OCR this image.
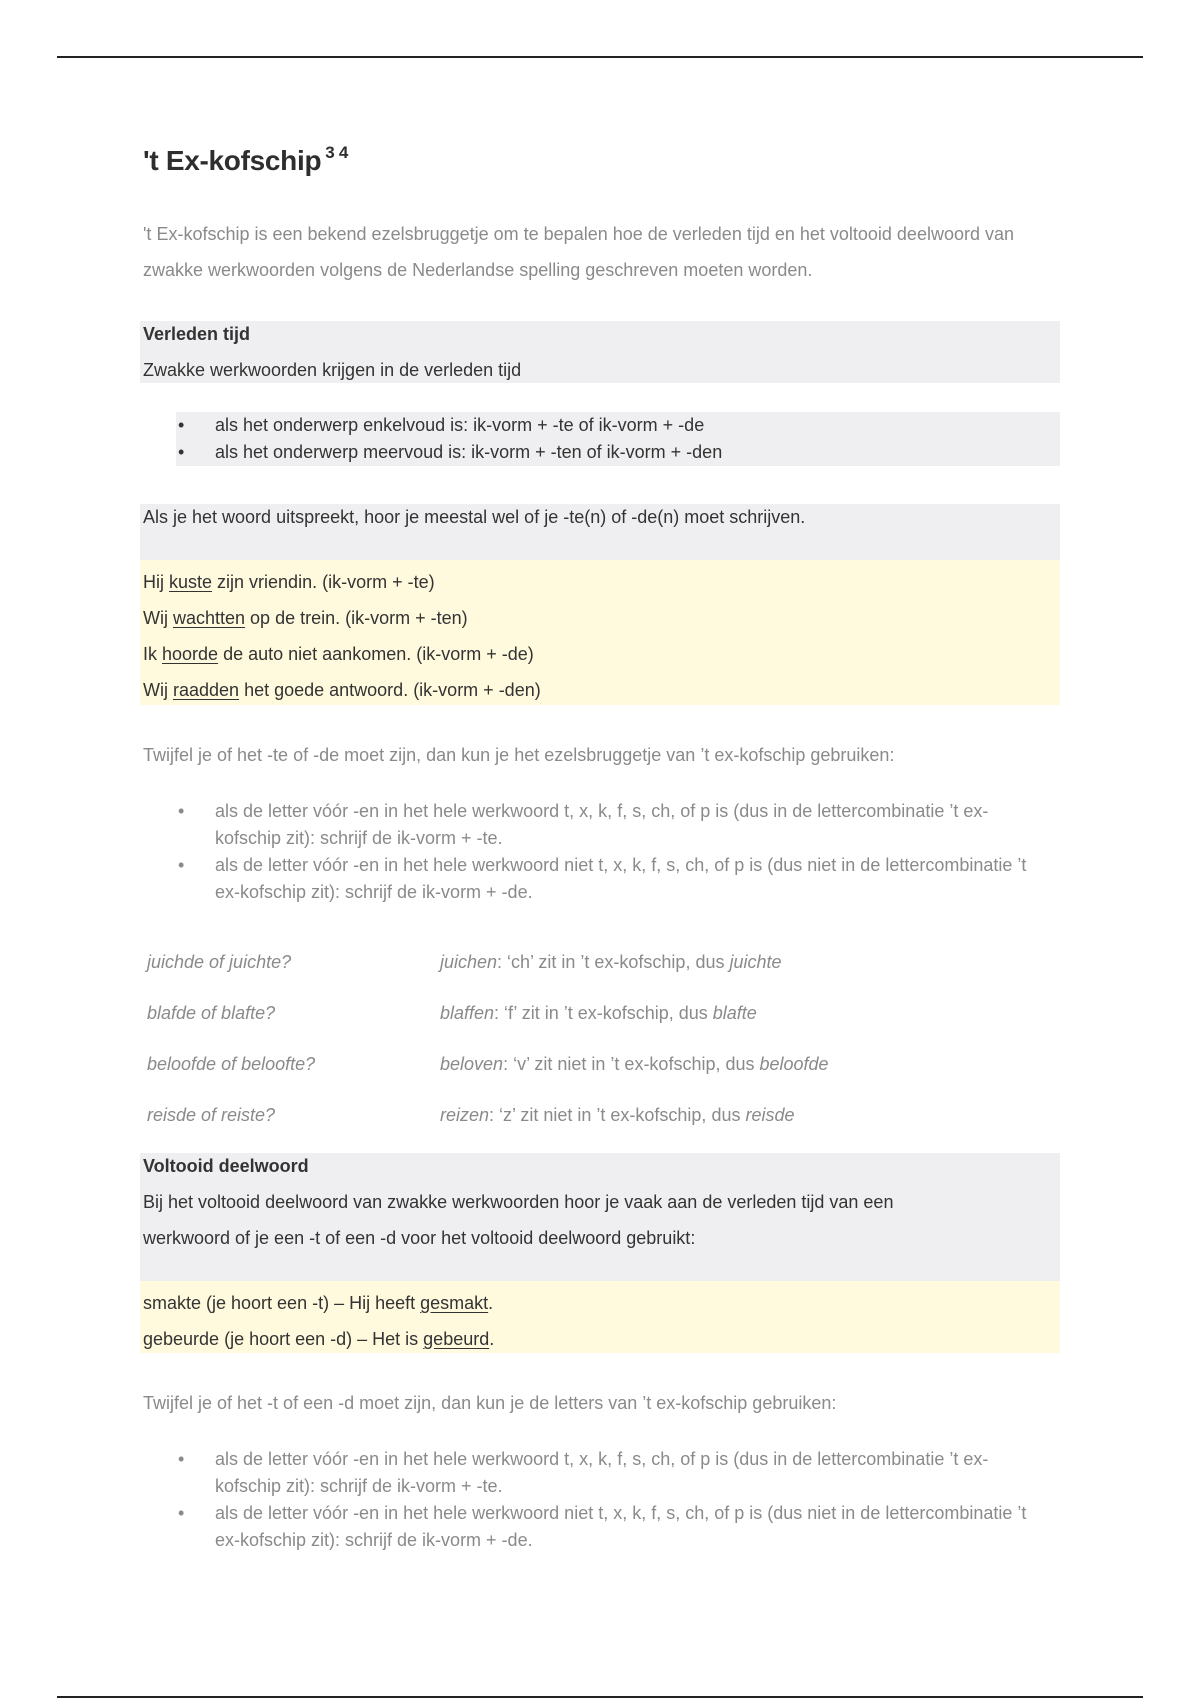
't Ex-kofschip $^{3 4}$
't Ex-kofschip is een bekend ezelsbruggetje om te bepalen hoe de verleden tijd en het voltooid deelwoord van zwakke werkwoorden volgens de Nederlandse spelling geschreven moeten worden.
Verleden tijd
Zwakke werkwoorden krijgen in de verleden tijd
• als het onderwerp enkelvoud is: ik-vorm + -te of ik-vorm + -de
• als het onderwerp meervoud is: ik-vorm + -ten of ik-vorm + -den
Als je het woord uitspreekt, hoor je meestal wel of je -te(n) of -de(n) moet schrijven.
Hij kuste zijn vriendin. (ik-vorm + -te)
Wij wachtten op de trein. (ik-vorm + -ten)
Ik hoorde de auto niet aankomen. (ik-vorm + -de)
Wij raadden het goede antwoord. (ik-vorm + -den)
Twijfel je of het -te of -de moet zijn, dan kun je het ezelsbruggetje van ’t ex-kofschip gebruiken:
• als de letter vóór -en in het hele werkwoord t, x, k, f, s, ch, of p is (dus in de lettercombinatie ’t ex-kofschip zit): schrijf de ik-vorm + -te.
• als de letter vóór -en in het hele werkwoord niet t, x, k, f, s, ch, of p is (dus niet in de lettercombinatie ’t ex-kofschip zit): schrijf de ik-vorm + -de.
juichde of juichte?	juichen: ‘ch’ zit in ’t ex-kofschip, dus juichte
blafde of blafte?	blaffen: ‘f’ zit in ’t ex-kofschip, dus blafte
beloofde of beloofte?	beloven: ‘v’ zit niet in ’t ex-kofschip, dus beloofde
reisde of reiste?	reizen: ‘z’ zit niet in ’t ex-kofschip, dus reisde
Voltooid deelwoord
Bij het voltooid deelwoord van zwakke werkwoorden hoor je vaak aan de verleden tijd van een
werkwoord of je een -t of een -d voor het voltooid deelwoord gebruikt:
smakte (je hoort een -t) – Hij heeft gesmakt.
gebeurde (je hoort een -d) – Het is gebeurd.
Twijfel je of het -t of een -d moet zijn, dan kun je de letters van ’t ex-kofschip gebruiken:
• als de letter vóór -en in het hele werkwoord t, x, k, f, s, ch, of p is (dus in de lettercombinatie ’t ex-kofschip zit): schrijf de ik-vorm + -te.
• als de letter vóór -en in het hele werkwoord niet t, x, k, f, s, ch, of p is (dus niet in de lettercombinatie ’t ex-kofschip zit): schrijf de ik-vorm + -de.
